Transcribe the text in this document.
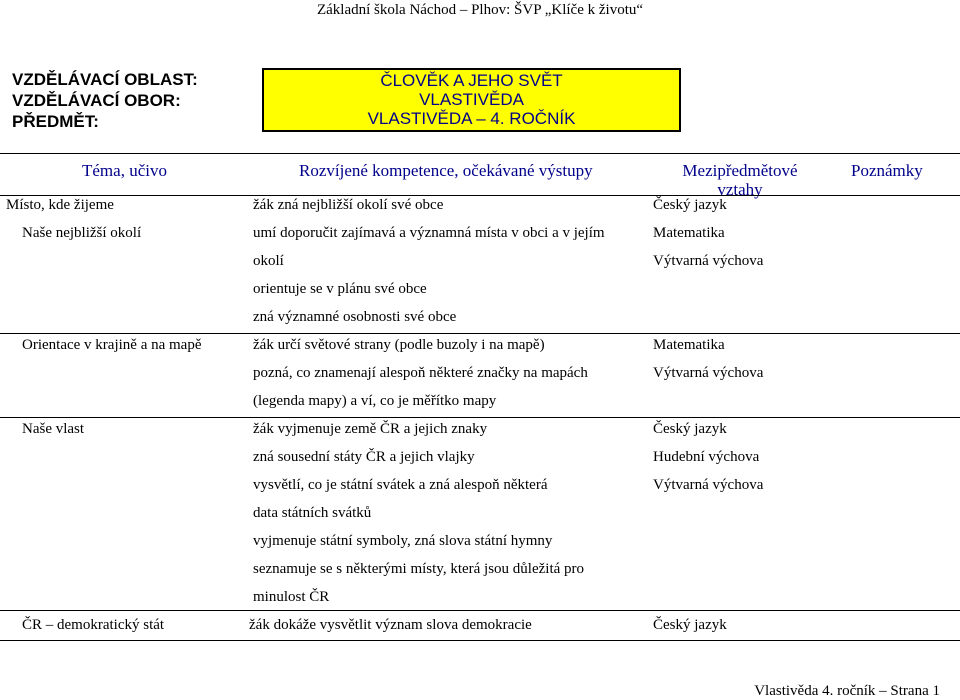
Základní škola Náchod – Plhov: ŠVP „Klíče k životu“
VZDĚLÁVACÍ OBLAST:
VZDĚLÁVACÍ OBOR:
PŘEDMĚT:
ČLOVĚK A JEHO SVĚT
VLASTIVĚDA
VLASTIVĚDA – 4. ROČNÍK
Téma, učivo	Rozvíjené kompetence, očekávané výstupy	Mezipředmětové
vztahy
Poznámky
Místo, kde žijeme	žák zná nejbližší okolí své obce	Český jazyk
Naše nejbližší okolí	umí doporučit zajímavá a významná místa v obci a v jejím	Matematika
okolí	Výtvarná výchova
orientuje se v plánu své obce
zná významné osobnosti své obce
Orientace v krajině a na mapě	žák určí světové strany (podle buzoly i na mapě)	Matematika
pozná, co znamenají alespoň některé značky na mapách	Výtvarná výchova
(legenda mapy) a ví, co je měřítko mapy
Naše vlast	žák vyjmenuje země ČR a jejich znaky	Český jazyk
zná sousední státy ČR a jejich vlajky	Hudební výchova
vysvětlí, co je státní svátek a zná alespoň některá	Výtvarná výchova
data státních svátků
vyjmenuje státní symboly, zná slova státní hymny
seznamuje se s některými místy, která jsou důležitá pro
minulost ČR
ČR – demokratický stát	žák dokáže vysvětlit význam slova demokracie	Český jazyk
Vlastivěda 4. ročník – Strana 1
